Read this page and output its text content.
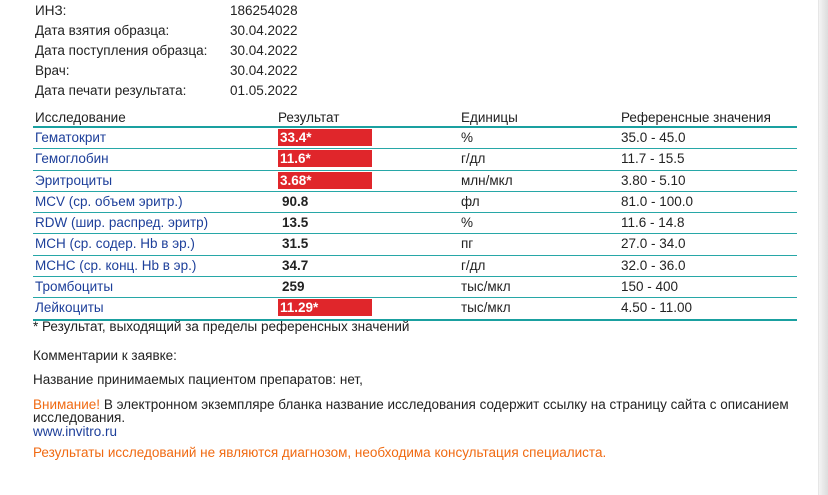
ИНЗ:	186254028
Дата взятия образца:	30.04.2022
Дата поступления образца: 30.04.2022
Врач:	30.04.2022
Дата печати результата:	01.05.2022
Исследование	Результат	Единицы	Референсные значения
Гематокрит	33.4*	%	35.0 - 45.0
Гемоглобин	11.6*	г/дл	11.7 - 15.5
Эритроциты	3.68*	млн/мкл	3.80 - 5.10
MCV (ср. объем эритр.)	90.8	фл	81.0 - 100.0
RDW (шир. распред. эритр)	13.5	%	11.6 - 14.8
MCH (ср. содер. Hb в эр.)	31.5	пг	27.0 - 34.0
MCHC (ср. конц. Hb в эр.)	34.7	г/дл	32.0 - 36.0
Тромбоциты	259	тыс/мкл	150 - 400
Лейкоциты	11.29*	тыс/мкл	4.50 - 11.00
* Результат, выходящий за пределы референсных значений
Комментарии к заявке:
Название принимаемых пациентом препаратов: нет,
Внимание! В электронном экземпляре бланка название исследования содержит ссылку на страницу сайта с описанием исследования.
www.invitro.ru
Результаты исследований не являются диагнозом, необходима консультация специалиста.
